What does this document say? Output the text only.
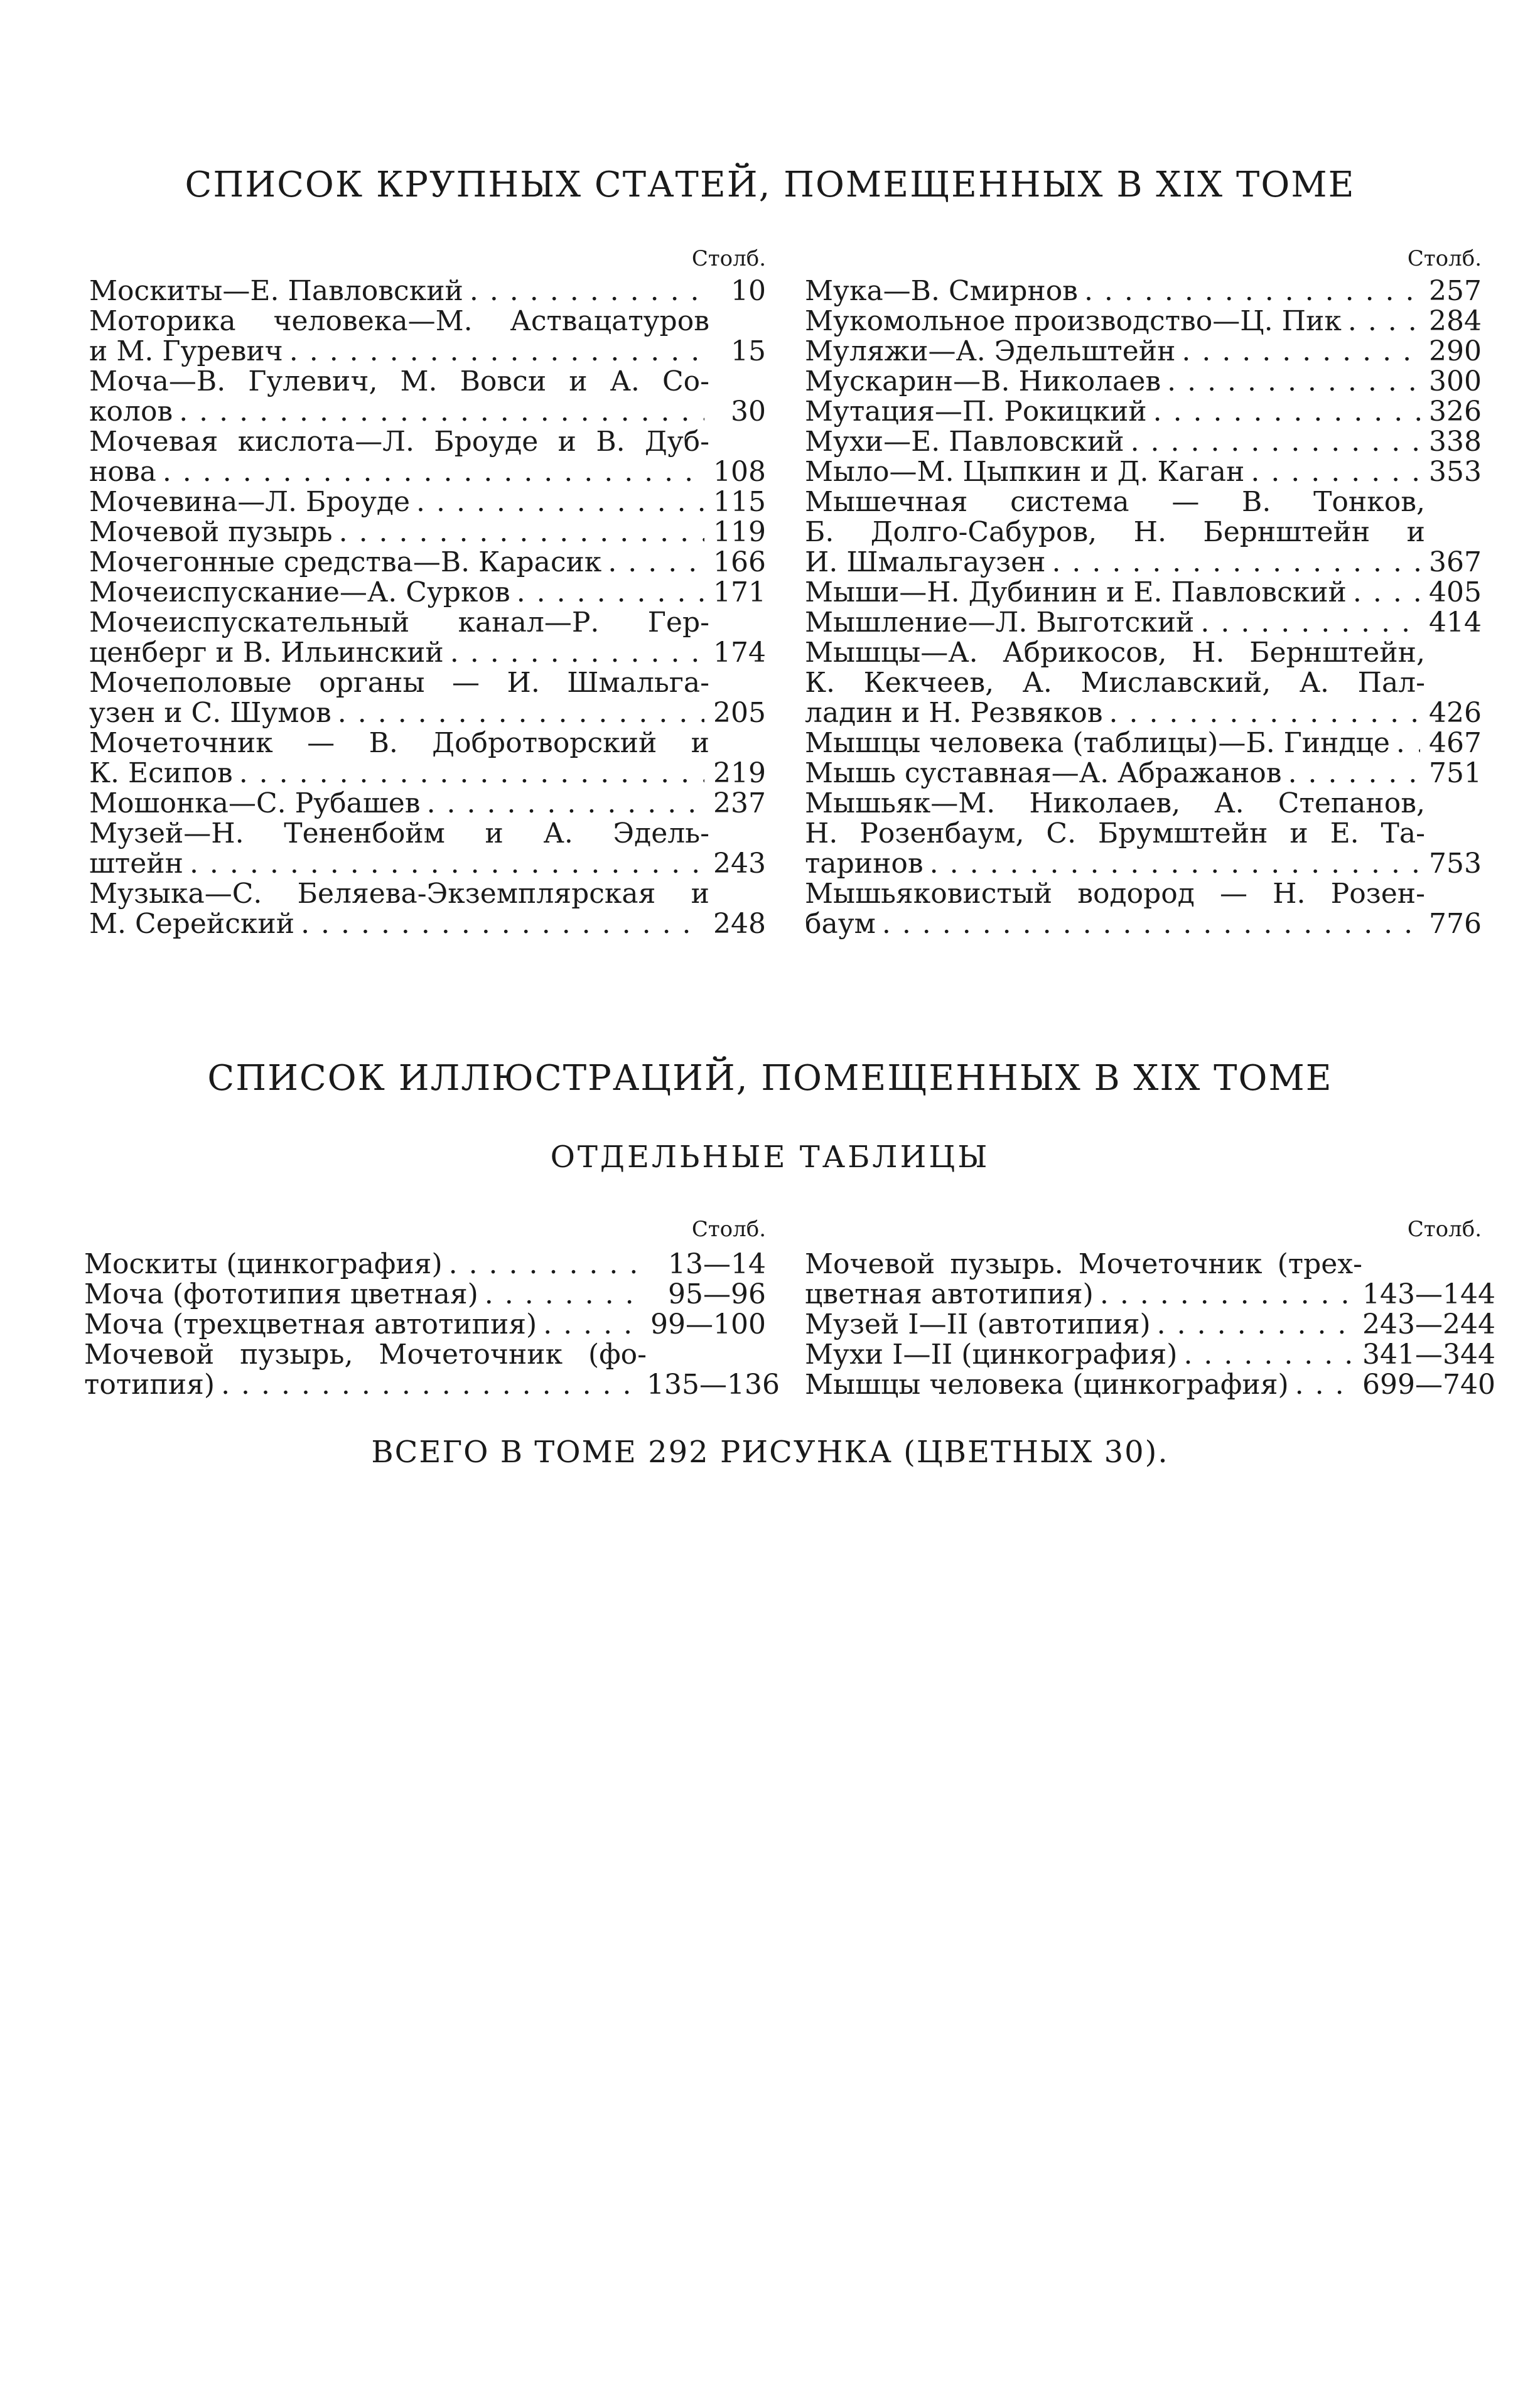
СПИСОК КРУПНЫХ СТАТЕЙ, ПОМЕЩЕННЫХ В XIX ТОМЕ
Столб.	Столб.
Москиты—Е. Павловский . . .	10
Моторика человека—М. Аствацатуров
и М. Гуревич . . .	15
Моча—В. Гулевич, М. Вовси и А. Со-
колов . . .	30
Мочевая кислота—Л. Броуде и В. Дуб-
нова . . .	108
Мочевина—Л. Броуде . . .	115
Мочевой пузырь . . .	119
Мочегонные средства—В. Карасик . . .	166
Мочеиспускание—А. Сурков . . .	171
Мочеиспускательный канал—Р. Гер-
ценберг и В. Ильинский . . .	174
Мочеполовые органы — И. Шмальга-
узен и С. Шумов . . .	205
Мочеточник — В. Добротворский и
К. Есипов . . .	219
Мошонка—С. Рубашев . . .	237
Музей—Н. Тененбойм и А. Эдель-
штейн . . .	243
Музыка—С. Беляева-Экземплярская и
М. Серейский . . .	248
Мука—В. Смирнов . . .	257
Мукомольное производство—Ц. Пик . . .	284
Муляжи—А. Эдельштейн . . .	290
Мускарин—В. Николаев . . .	300
Мутация—П. Рокицкий . . .	326
Мухи—Е. Павловский . . .	338
Мыло—М. Цыпкин и Д. Каган . . .	353
Мышечная система — В. Тонков,
Б. Долго-Сабуров, Н. Бернштейн и
И. Шмальгаузен . . .	367
Мыши—Н. Дубинин и Е. Павловский . . .	405
Мышление—Л. Выготский . . .	414
Мышцы—А. Абрикосов, Н. Бернштейн,
К. Кекчеев, А. Миславский, А. Пал-
ладин и Н. Резвяков . . .	426
Мышцы человека (таблицы)—Б. Гиндце . . . 467
Мышь суставная—А. Абражанов . . .	751
Мышьяк—М. Николаев, А. Степанов,
Н. Розенбаум, С. Брумштейн и Е. Та-
таринов . . .	753
Мышьяковистый водород — Н. Розен-
баум . . .	776
СПИСОК ИЛЛЮСТРАЦИЙ, ПОМЕЩЕННЫХ В XIX ТОМЕ
ОТДЕЛЬНЫЕ ТАБЛИЦЫ
Столб.	Столб.
Москиты (цинкография) . . .	13—14
Моча (фототипия цветная) . . .	95—96
Моча (трехцветная автотипия) . . .	99—100
Мочевой пузырь, Мочеточник (фо-
тотипия) . . .	135—136
Мочевой пузырь. Мочеточник (трех-
цветная автотипия) . . .	143—144
Музей I—II (автотипия) . . .	243—244
Мухи I—II (цинкография) . . .	341—344
Мышцы человека (цинкография) . . .	699—740
ВСЕГО В ТОМЕ 292 РИСУНКА (ЦВЕТНЫХ 30).
